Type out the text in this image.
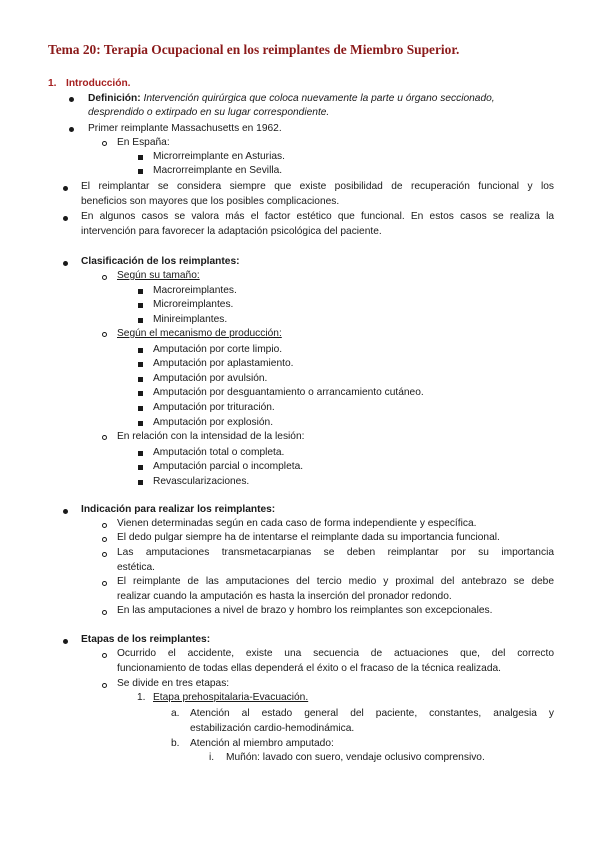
Tema 20: Terapia Ocupacional en los reimplantes de Miembro Superior.
1. Introducción.
Definición: Intervención quirúrgica que coloca nuevamente la parte u órgano seccionado,
desprendido o extirpado en su lugar correspondiente.
Primer reimplante Massachusetts en 1962.
En España:
Microrreimplante en Asturias.
Macrorreimplante en Sevilla.
El reimplantar se considera siempre que existe posibilidad de recuperación funcional y los
beneficios son mayores que los posibles complicaciones.
En algunos casos se valora más el factor estético que funcional. En estos casos se realiza la
intervención para favorecer la adaptación psicológica del paciente.
Clasificación de los reimplantes:
Según su tamaño:
Macroreimplantes.
Microreimplantes.
Minireimplantes.
Según el mecanismo de producción:
Amputación por corte limpio.
Amputación por aplastamiento.
Amputación por avulsión.
Amputación por desguantamiento o arrancamiento cutáneo.
Amputación por trituración.
Amputación por explosión.
En relación con la intensidad de la lesión:
Amputación total o completa.
Amputación parcial o incompleta.
Revascularizaciones.
Indicación para realizar los reimplantes:
Vienen determinadas según en cada caso de forma independiente y específica.
El dedo pulgar siempre ha de intentarse el reimplante dada su importancia funcional.
Las amputaciones transmetacarpianas se deben reimplantar por su importancia
estética.
El reimplante de las amputaciones del tercio medio y proximal del antebrazo se debe
realizar cuando la amputación es hasta la inserción del pronador redondo.
En las amputaciones a nivel de brazo y hombro los reimplantes son excepcionales.
Etapas de los reimplantes:
Ocurrido el accidente, existe una secuencia de actuaciones que, del correcto
funcionamiento de todas ellas dependerá el éxito o el fracaso de la técnica realizada.
Se divide en tres etapas:
1. Etapa prehospitalaria-Evacuación.
a. Atención al estado general del paciente, constantes, analgesia y
estabilización cardio-hemodinámica.
b. Atención al miembro amputado:
i. Muñón: lavado con suero, vendaje oclusivo comprensivo.
